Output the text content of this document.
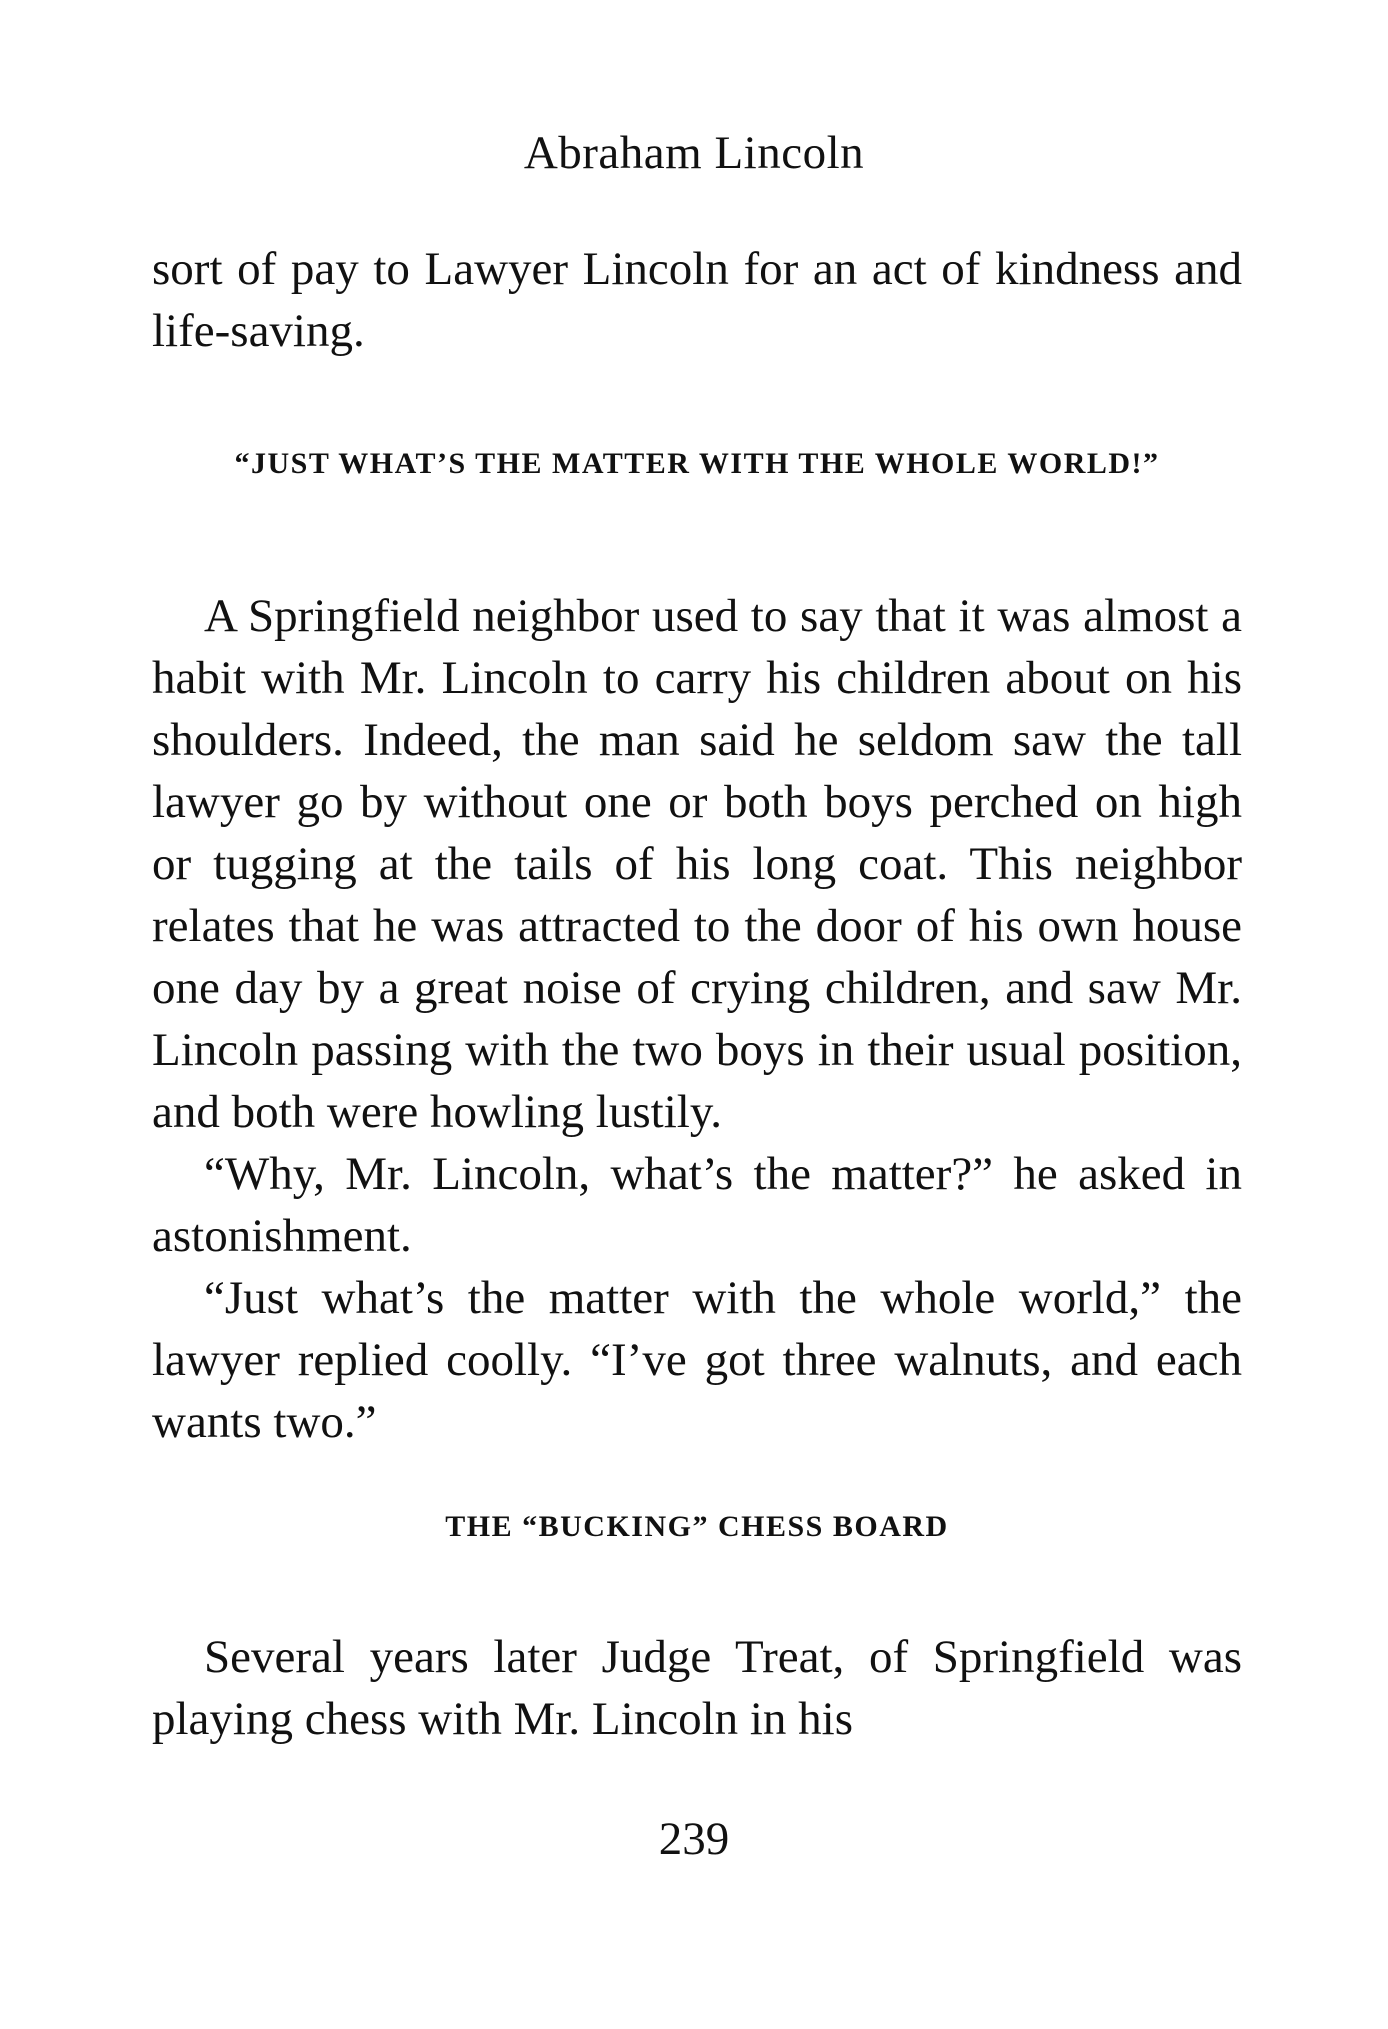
Abraham Lincoln

sort of pay to Lawyer Lincoln for an act of kindness and life-saving.

“JUST WHAT’S THE MATTER WITH THE WHOLE WORLD!”

A Springfield neighbor used to say that it was almost a habit with Mr. Lincoln to carry his children about on his shoulders. Indeed, the man said he seldom saw the tall lawyer go by without one or both boys perched on high or tugging at the tails of his long coat. This neighbor relates that he was attracted to the door of his own house one day by a great noise of crying children, and saw Mr. Lincoln passing with the two boys in their usual position, and both were howling lustily.

“Why, Mr. Lincoln, what’s the matter?” he asked in astonishment.

“Just what’s the matter with the whole world,” the lawyer replied coolly. “I’ve got three walnuts, and each wants two.”

THE “BUCKING” CHESS BOARD

Several years later Judge Treat, of Springfield was playing chess with Mr. Lincoln in his

239
